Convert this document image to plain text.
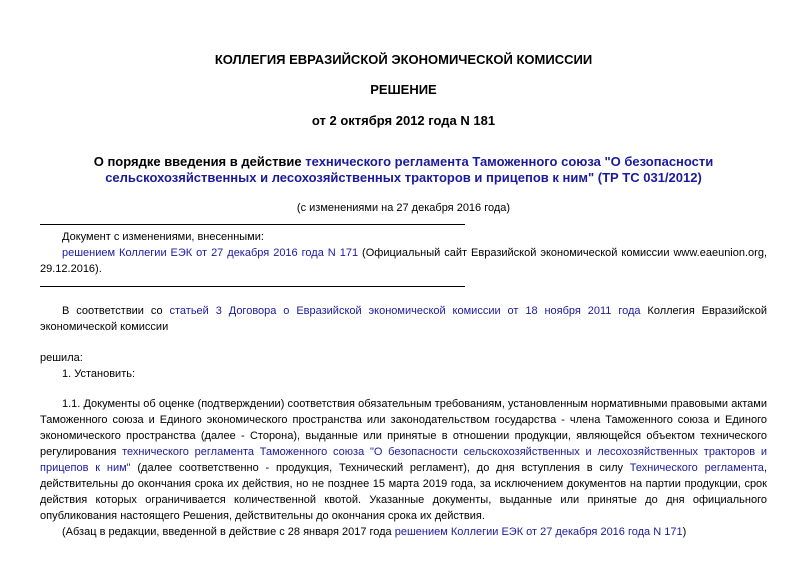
КОЛЛЕГИЯ ЕВРАЗИЙСКОЙ ЭКОНОМИЧЕСКОЙ КОМИССИИ
РЕШЕНИЕ
от 2 октября 2012 года N 181
О порядке введения в действие технического регламента Таможенного союза "О безопасности
сельскохозяйственных и лесохозяйственных тракторов и прицепов к ним" (ТР ТС 031/2012)
(с изменениями на 27 декабря 2016 года)
Документ с изменениями, внесенными:
решением Коллегии ЕЭК от 27 декабря 2016 года N 171 (Официальный сайт Евразийской экономической комиссии www.eaeunion.org,
29.12.2016).
В соответствии со статьей 3 Договора о Евразийской экономической комиссии от 18 ноября 2011 года Коллегия Евразийской
экономической комиссии
решила:
1. Установить:
1.1. Документы об оценке (подтверждении) соответствия обязательным требованиям, установленным нормативными правовыми актами
Таможенного союза и Единого экономического пространства или законодательством государства - члена Таможенного союза и Единого
экономического пространства (далее - Сторона), выданные или принятые в отношении продукции, являющейся объектом технического
регулирования технического регламента Таможенного союза "О безопасности сельскохозяйственных и лесохозяйственных тракторов и
прицепов к ним" (далее соответственно - продукция, Технический регламент), до дня вступления в силу Технического регламента,
действительны до окончания срока их действия, но не позднее 15 марта 2019 года, за исключением документов на партии продукции, срок
действия которых ограничивается количественной квотой. Указанные документы, выданные или принятые до дня официального
опубликования настоящего Решения, действительны до окончания срока их действия.
(Абзац в редакции, введенной в действие с 28 января 2017 года решением Коллегии ЕЭК от 27 декабря 2016 года N 171)
